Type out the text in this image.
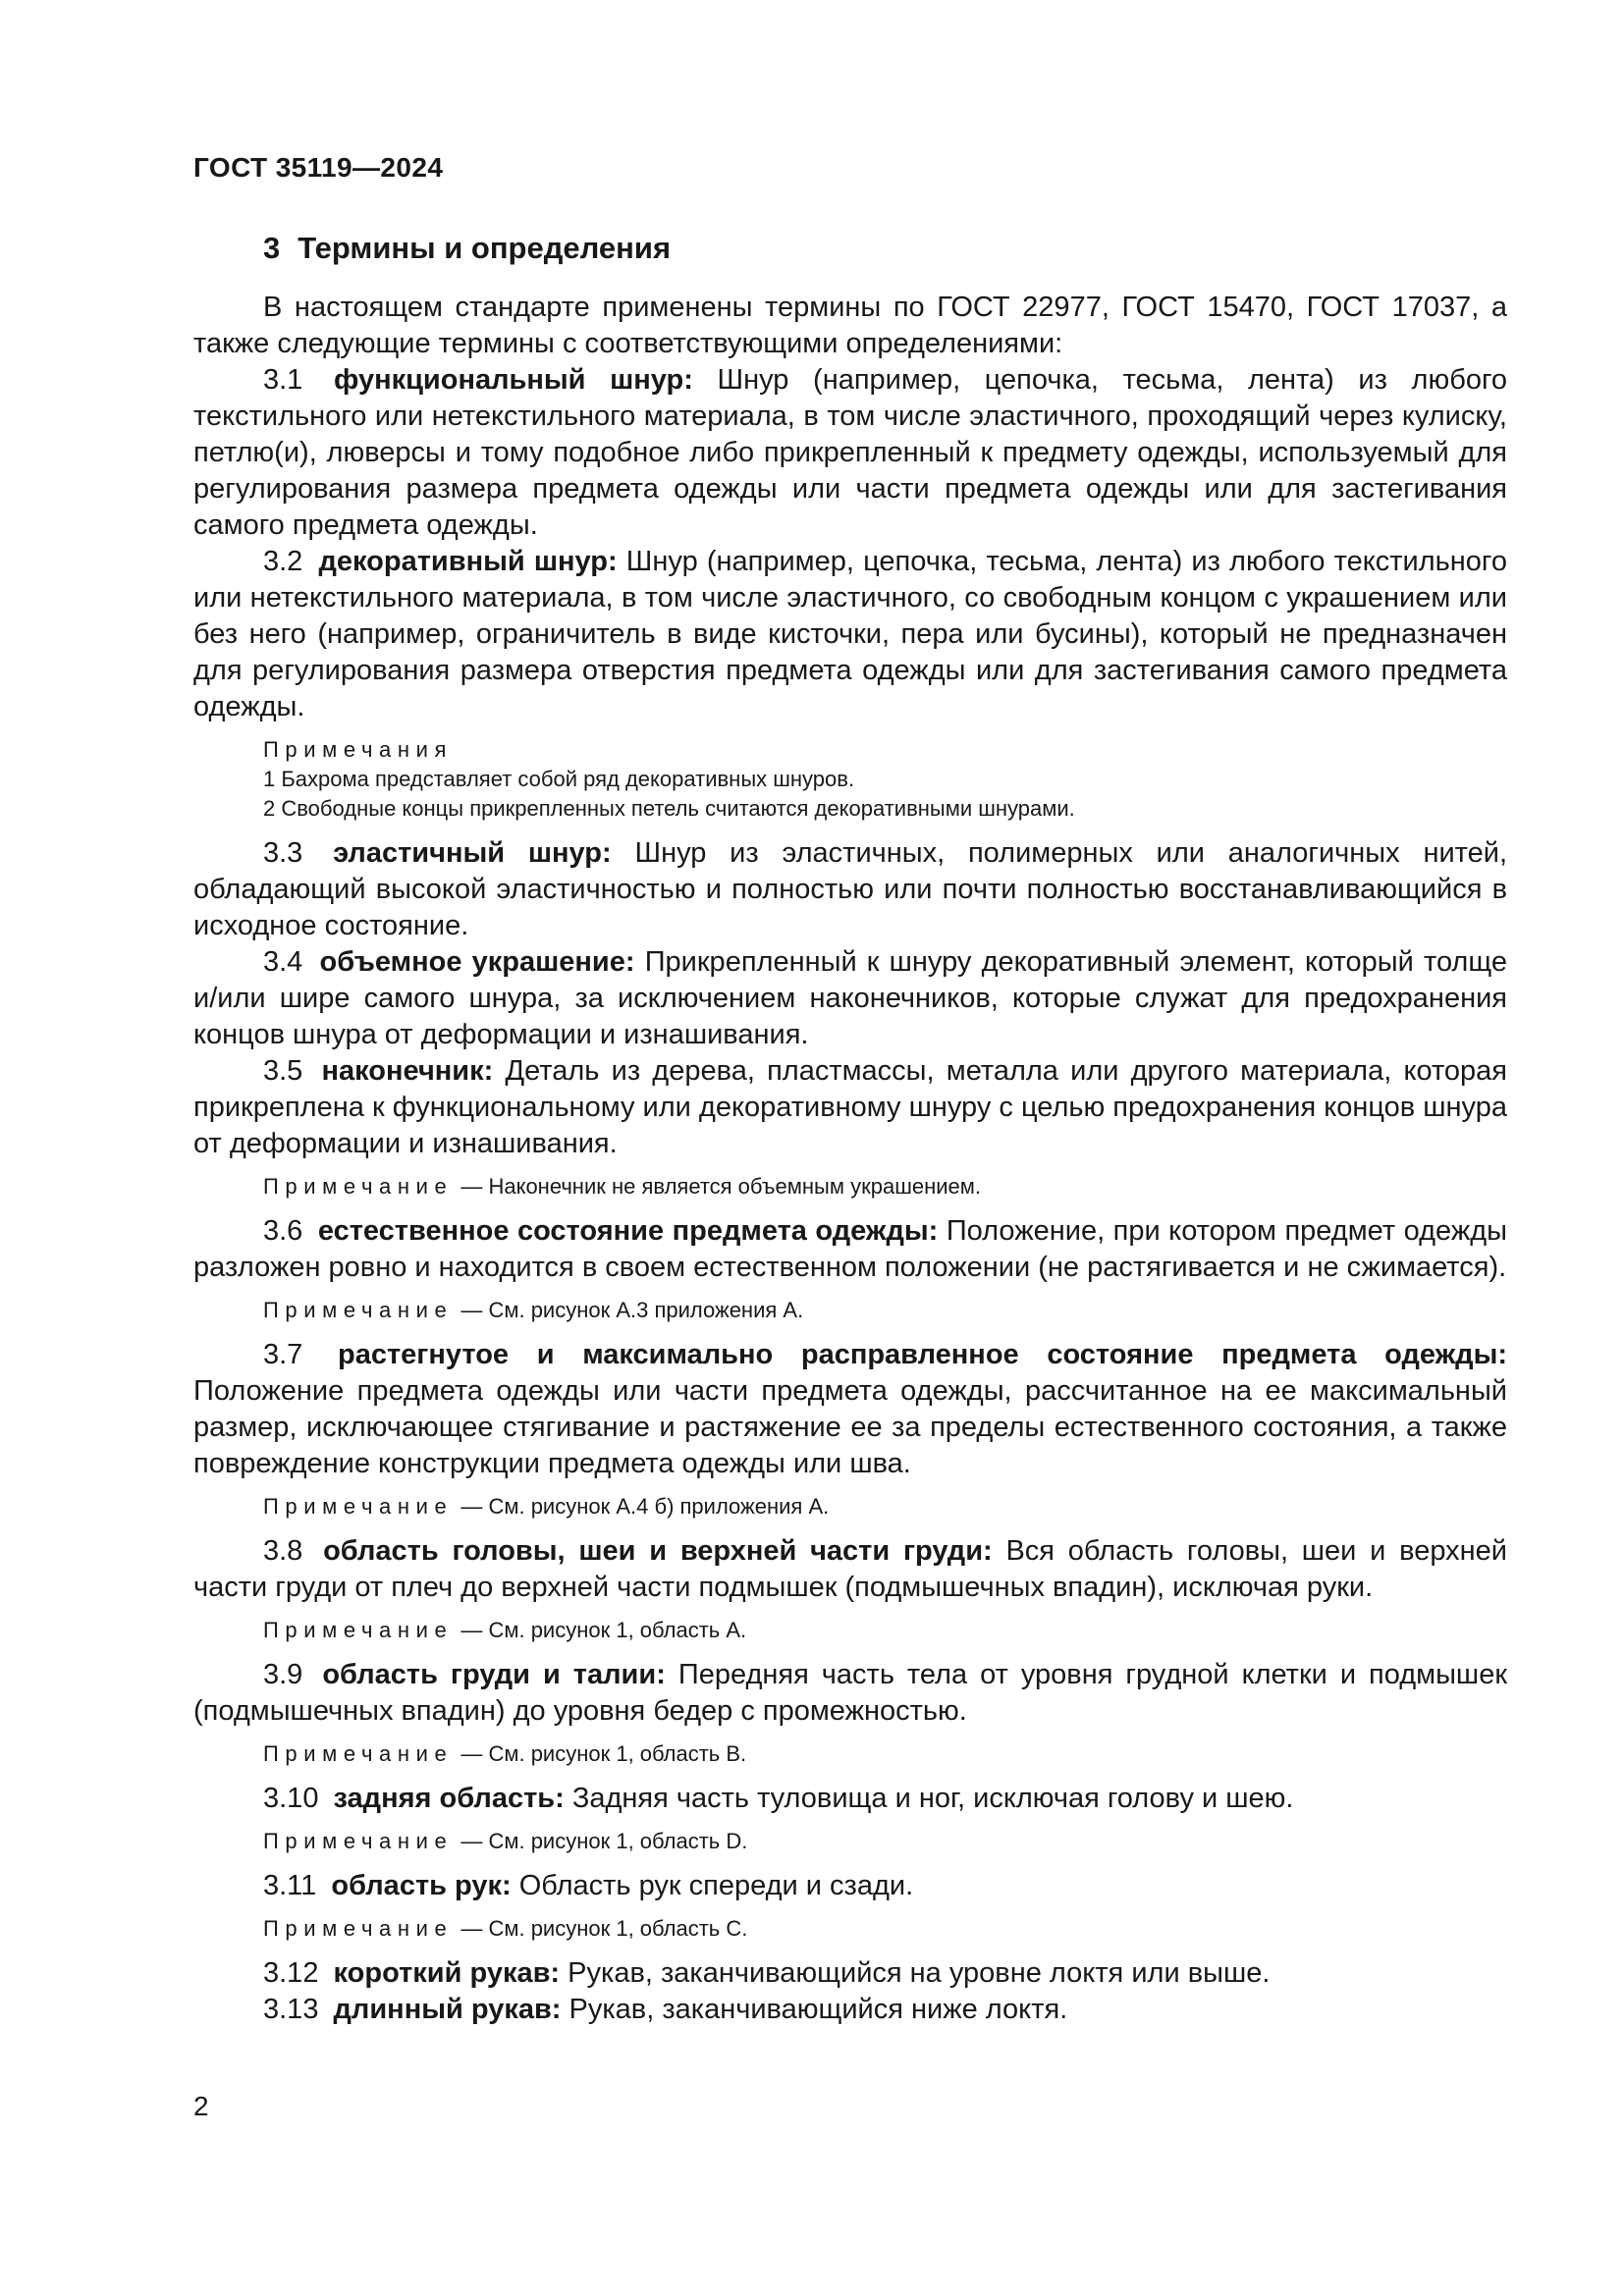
ГОСТ 35119—2024
3 Термины и определения

В настоящем стандарте применены термины по ГОСТ 22977, ГОСТ 15470, ГОСТ 17037, а также следующие термины с соответствующими определениями:

3.1 функциональный шнур: Шнур (например, цепочка, тесьма, лента) из любого текстильного или нетекстильного материала, в том числе эластичного, проходящий через кулиску, петлю(и), люверсы и тому подобное либо прикрепленный к предмету одежды, используемый для регулирования размера предмета одежды или части предмета одежды или для застегивания самого предмета одежды.

3.2 декоративный шнур: Шнур (например, цепочка, тесьма, лента) из любого текстильного или нетекстильного материала, в том числе эластичного, со свободным концом с украшением или без него (например, ограничитель в виде кисточки, пера или бусины), который не предназначен для регулирования размера отверстия предмета одежды или для застегивания самого предмета одежды.

Примечания
1 Бахрома представляет собой ряд декоративных шнуров.
2 Свободные концы прикрепленных петель считаются декоративными шнурами.

3.3 эластичный шнур: Шнур из эластичных, полимерных или аналогичных нитей, обладающий высокой эластичностью и полностью или почти полностью восстанавливающийся в исходное состояние.

3.4 объемное украшение: Прикрепленный к шнуру декоративный элемент, который толще и/или шире самого шнура, за исключением наконечников, которые служат для предохранения концов шнура от деформации и изнашивания.

3.5 наконечник: Деталь из дерева, пластмассы, металла или другого материала, которая прикреплена к функциональному или декоративному шнуру с целью предохранения концов шнура от деформации и изнашивания.

Примечание — Наконечник не является объемным украшением.

3.6 естественное состояние предмета одежды: Положение, при котором предмет одежды разложен ровно и находится в своем естественном положении (не растягивается и не сжимается).

Примечание — См. рисунок А.3 приложения А.

3.7 растегнутое и максимально расправленное состояние предмета одежды: Положение предмета одежды или части предмета одежды, рассчитанное на ее максимальный размер, исключающее стягивание и растяжение ее за пределы естественного состояния, а также повреждение конструкции предмета одежды или шва.

Примечание — См. рисунок А.4 б) приложения А.

3.8 область головы, шеи и верхней части груди: Вся область головы, шеи и верхней части груди от плеч до верхней части подмышек (подмышечных впадин), исключая руки.

Примечание — См. рисунок 1, область А.

3.9 область груди и талии: Передняя часть тела от уровня грудной клетки и подмышек (подмышечных впадин) до уровня бедер с промежностью.

Примечание — См. рисунок 1, область В.

3.10 задняя область: Задняя часть туловища и ног, исключая голову и шею.

Примечание — См. рисунок 1, область D.

3.11 область рук: Область рук спереди и сзади.

Примечание — См. рисунок 1, область C.

3.12 короткий рукав: Рукав, заканчивающийся на уровне локтя или выше.

3.13 длинный рукав: Рукав, заканчивающийся ниже локтя.

2
